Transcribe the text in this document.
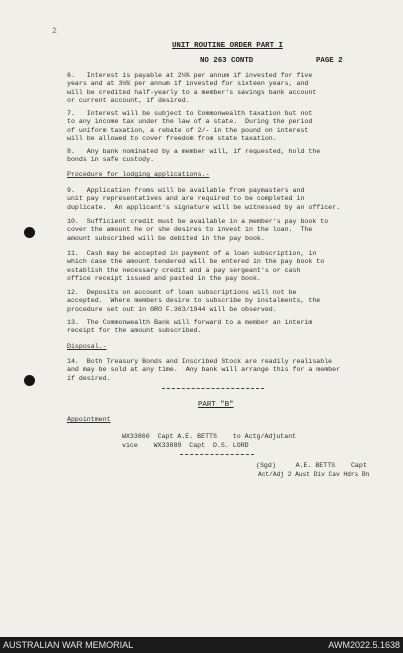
2
UNIT ROUTINE ORDER PART I
NO 263 CONTD	PAGE 2
6.   Interest is payable at 2¼% per annum if invested for five
years and at 3¼% per annum if invested for sixteen years, and
will be credited half-yearly to a member's savings bank account
or current account, if desired.
7.   Interest will be subject to Commonwealth taxation but not
to any income tax under the law of a state.  During the period
of uniform taxation, a rebate of 2/- in the pound on interest
will be allowed to cover freedom from state taxation.
8.   Any bank nominated by a member will, if requested, hold the
bonds in safe custody.
Procedure for lodging applications.-
9.   Application froms will be available from paymasters and
unit pay representatives and are required to be completed in
duplicate.  An applicant's signature will be witnessed by an officer.
10.  Sufficient credit must be available in a member's pay book to
cover the amount he or she desires to invest in the loan.  The
amount subscribed will be debited in the pay book.
11.  Cash may be accepted in payment of a loan subscription, in
which case the amount tendered will be entered in the pay book to
establish the necessary credit and a pay sergeant's or cash
office receipt issued and pasted in the pay book.
12.  Deposits on account of loan subscriptions will not be
accepted.  Where members desire to subscribe by instalments, the
procedure set out in GRO F.363/1944 will be observed.
13.  The Commonwealth Bank will forward to a member an interim
receipt for the amount subscribed.
Disposal.-
14.  Both Treasury Bonds and Inscribed Stock are readily realisable
and may be sold at any time.  Any bank will arrange this for a member
if desired.
PART "B"
Appointment
WX33860  Capt A.E. BETTS    to Actg/Adjutant
vice    WX33889  Capt  D.S. LORD
(Sgd)     A.E. BETTS    Capt
Act/Adj 2 Aust Div Cav Hdrs Bn
AUSTRALIAN WAR MEMORIAL	AWM2022.5.1638
